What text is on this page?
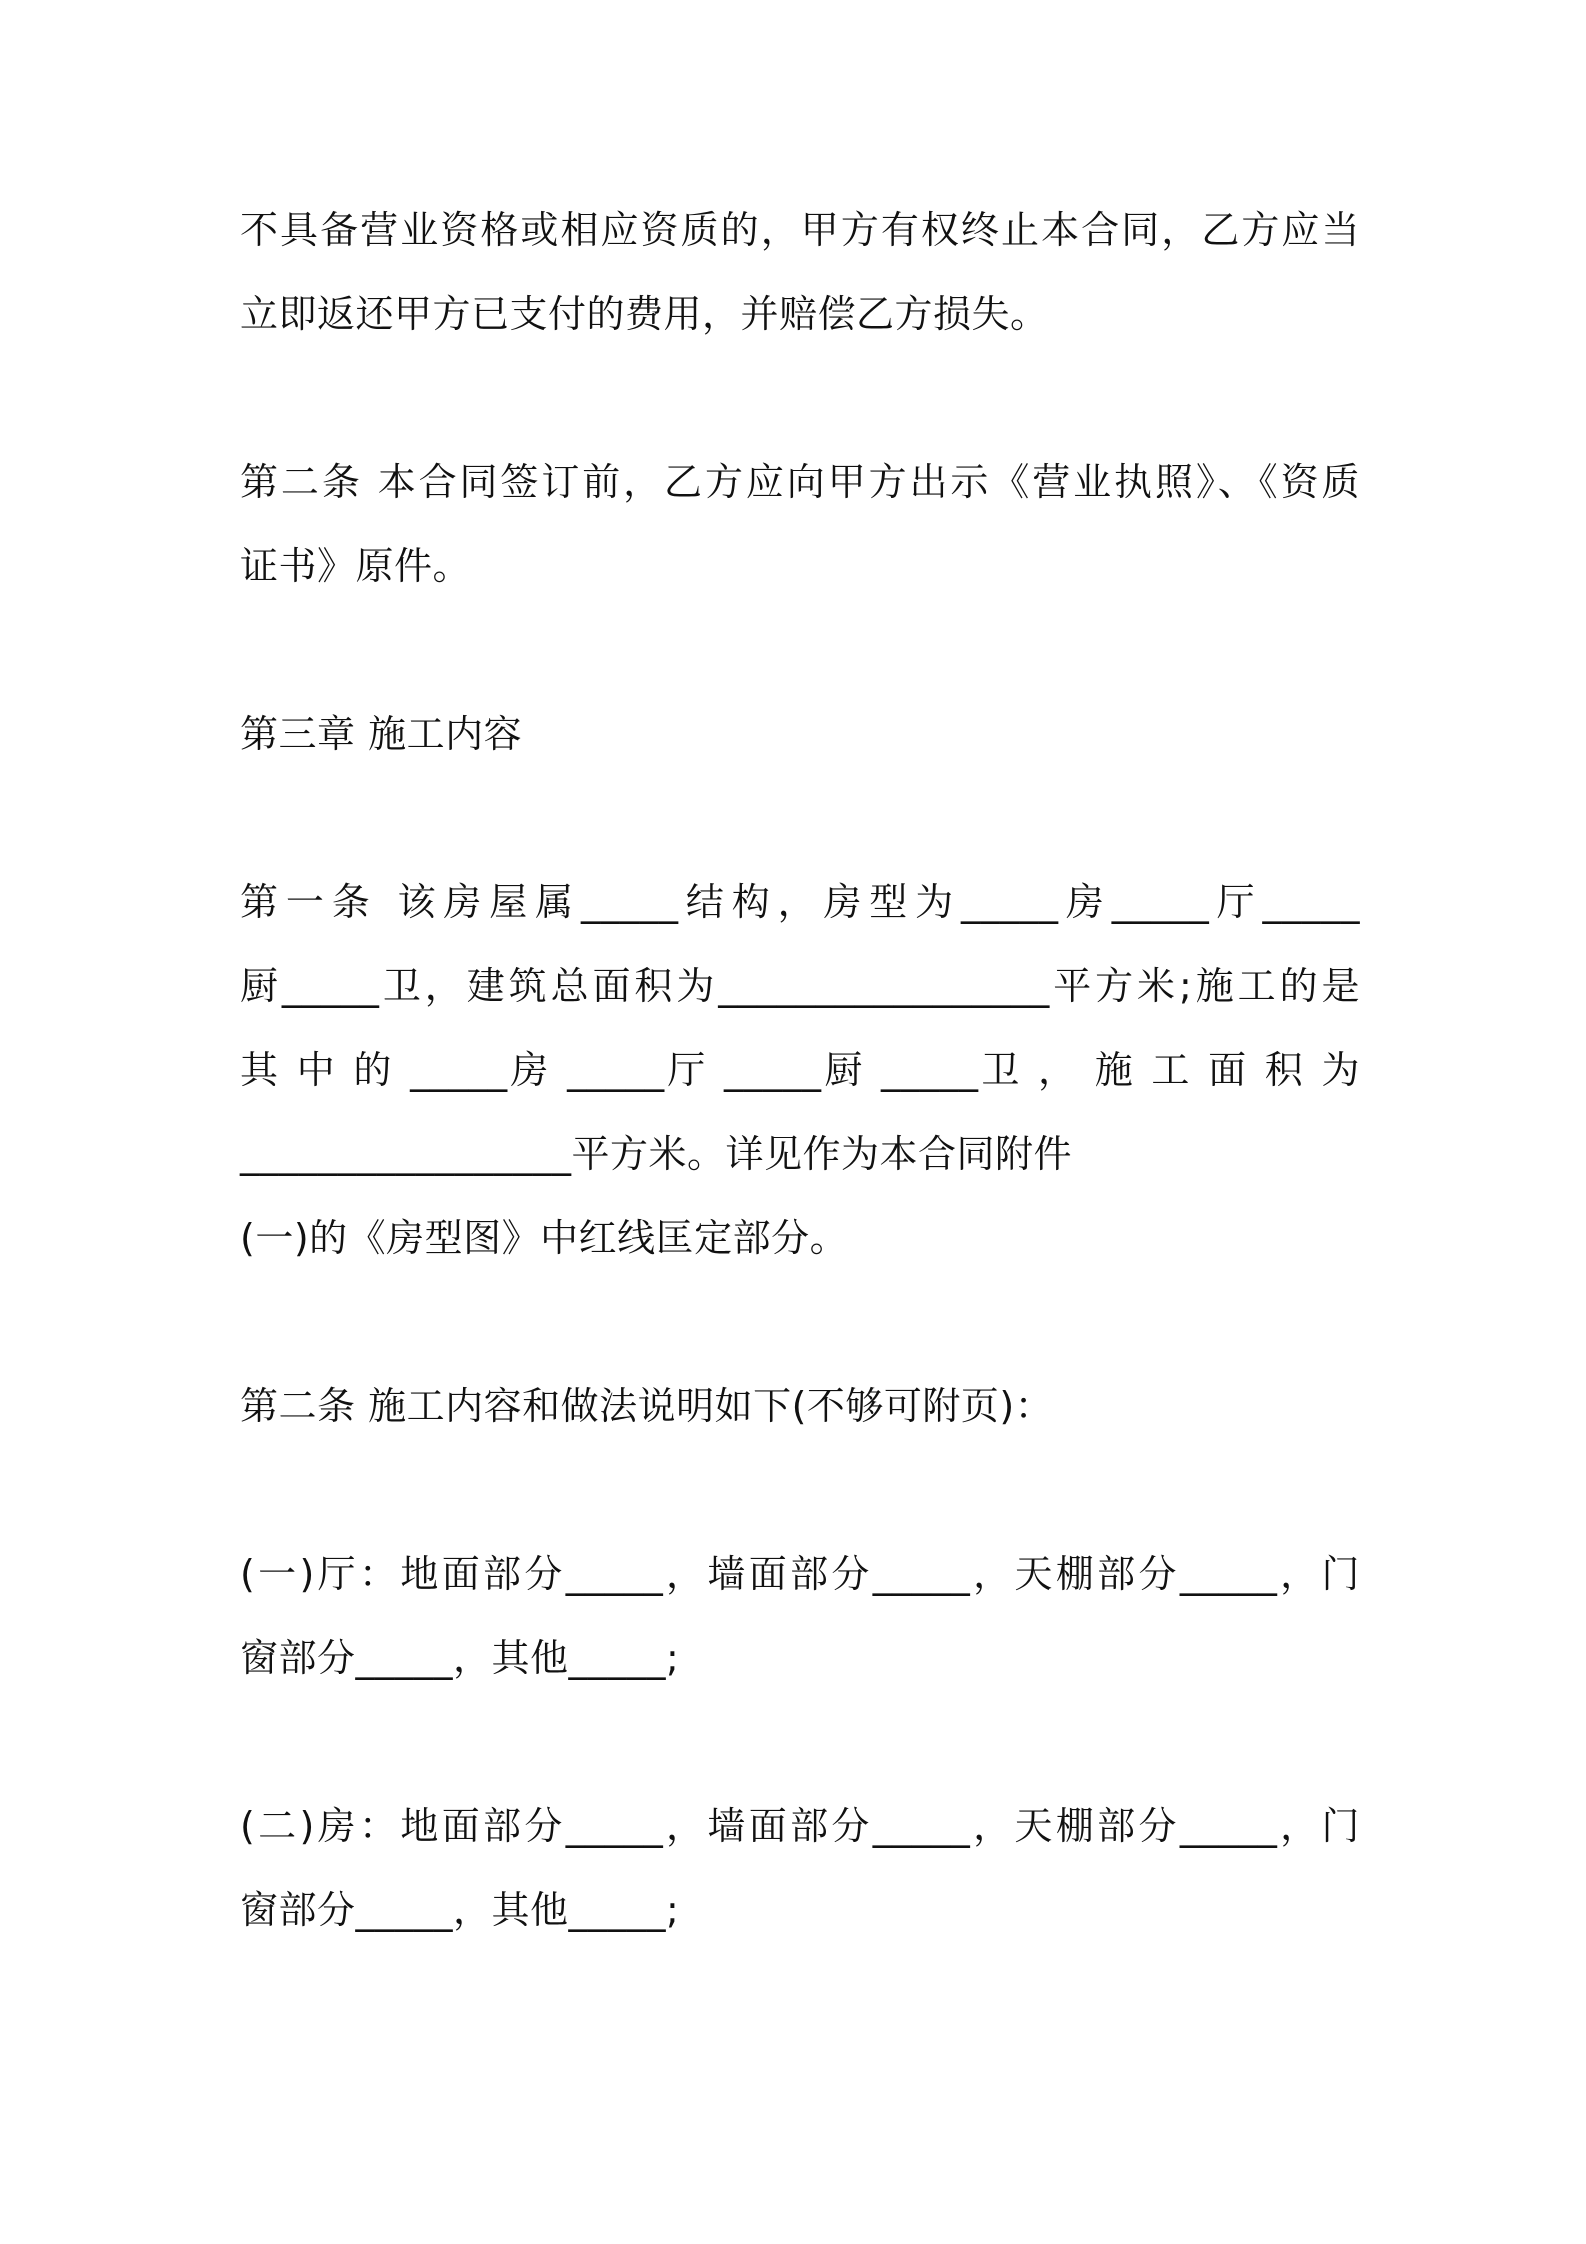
不具备营业资格或相应资质的，甲方有权终止本合同，乙方应当
立即返还甲方已支付的费用，并赔偿乙方损失。
第二条 本合同签订前，乙方应向甲方出示《营业执照》、《资质
证书》原件。
第三章 施工内容
第一条 该房屋属_____结构，房型为_____房_____厅_____
厨_____卫，建筑总面积为_________________平方米;施工的是
其 中 的 _____房 _____厅 _____厨 _____卫 ， 施 工 面 积 为
_________________平方米。详见作为本合同附件
(一)的《房型图》中红线匡定部分。
第二条 施工内容和做法说明如下(不够可附页)：
(一)厅：地面部分_____，墙面部分_____，天棚部分_____，门
窗部分_____，其他_____;
(二)房：地面部分_____，墙面部分_____，天棚部分_____，门
窗部分_____，其他_____;
